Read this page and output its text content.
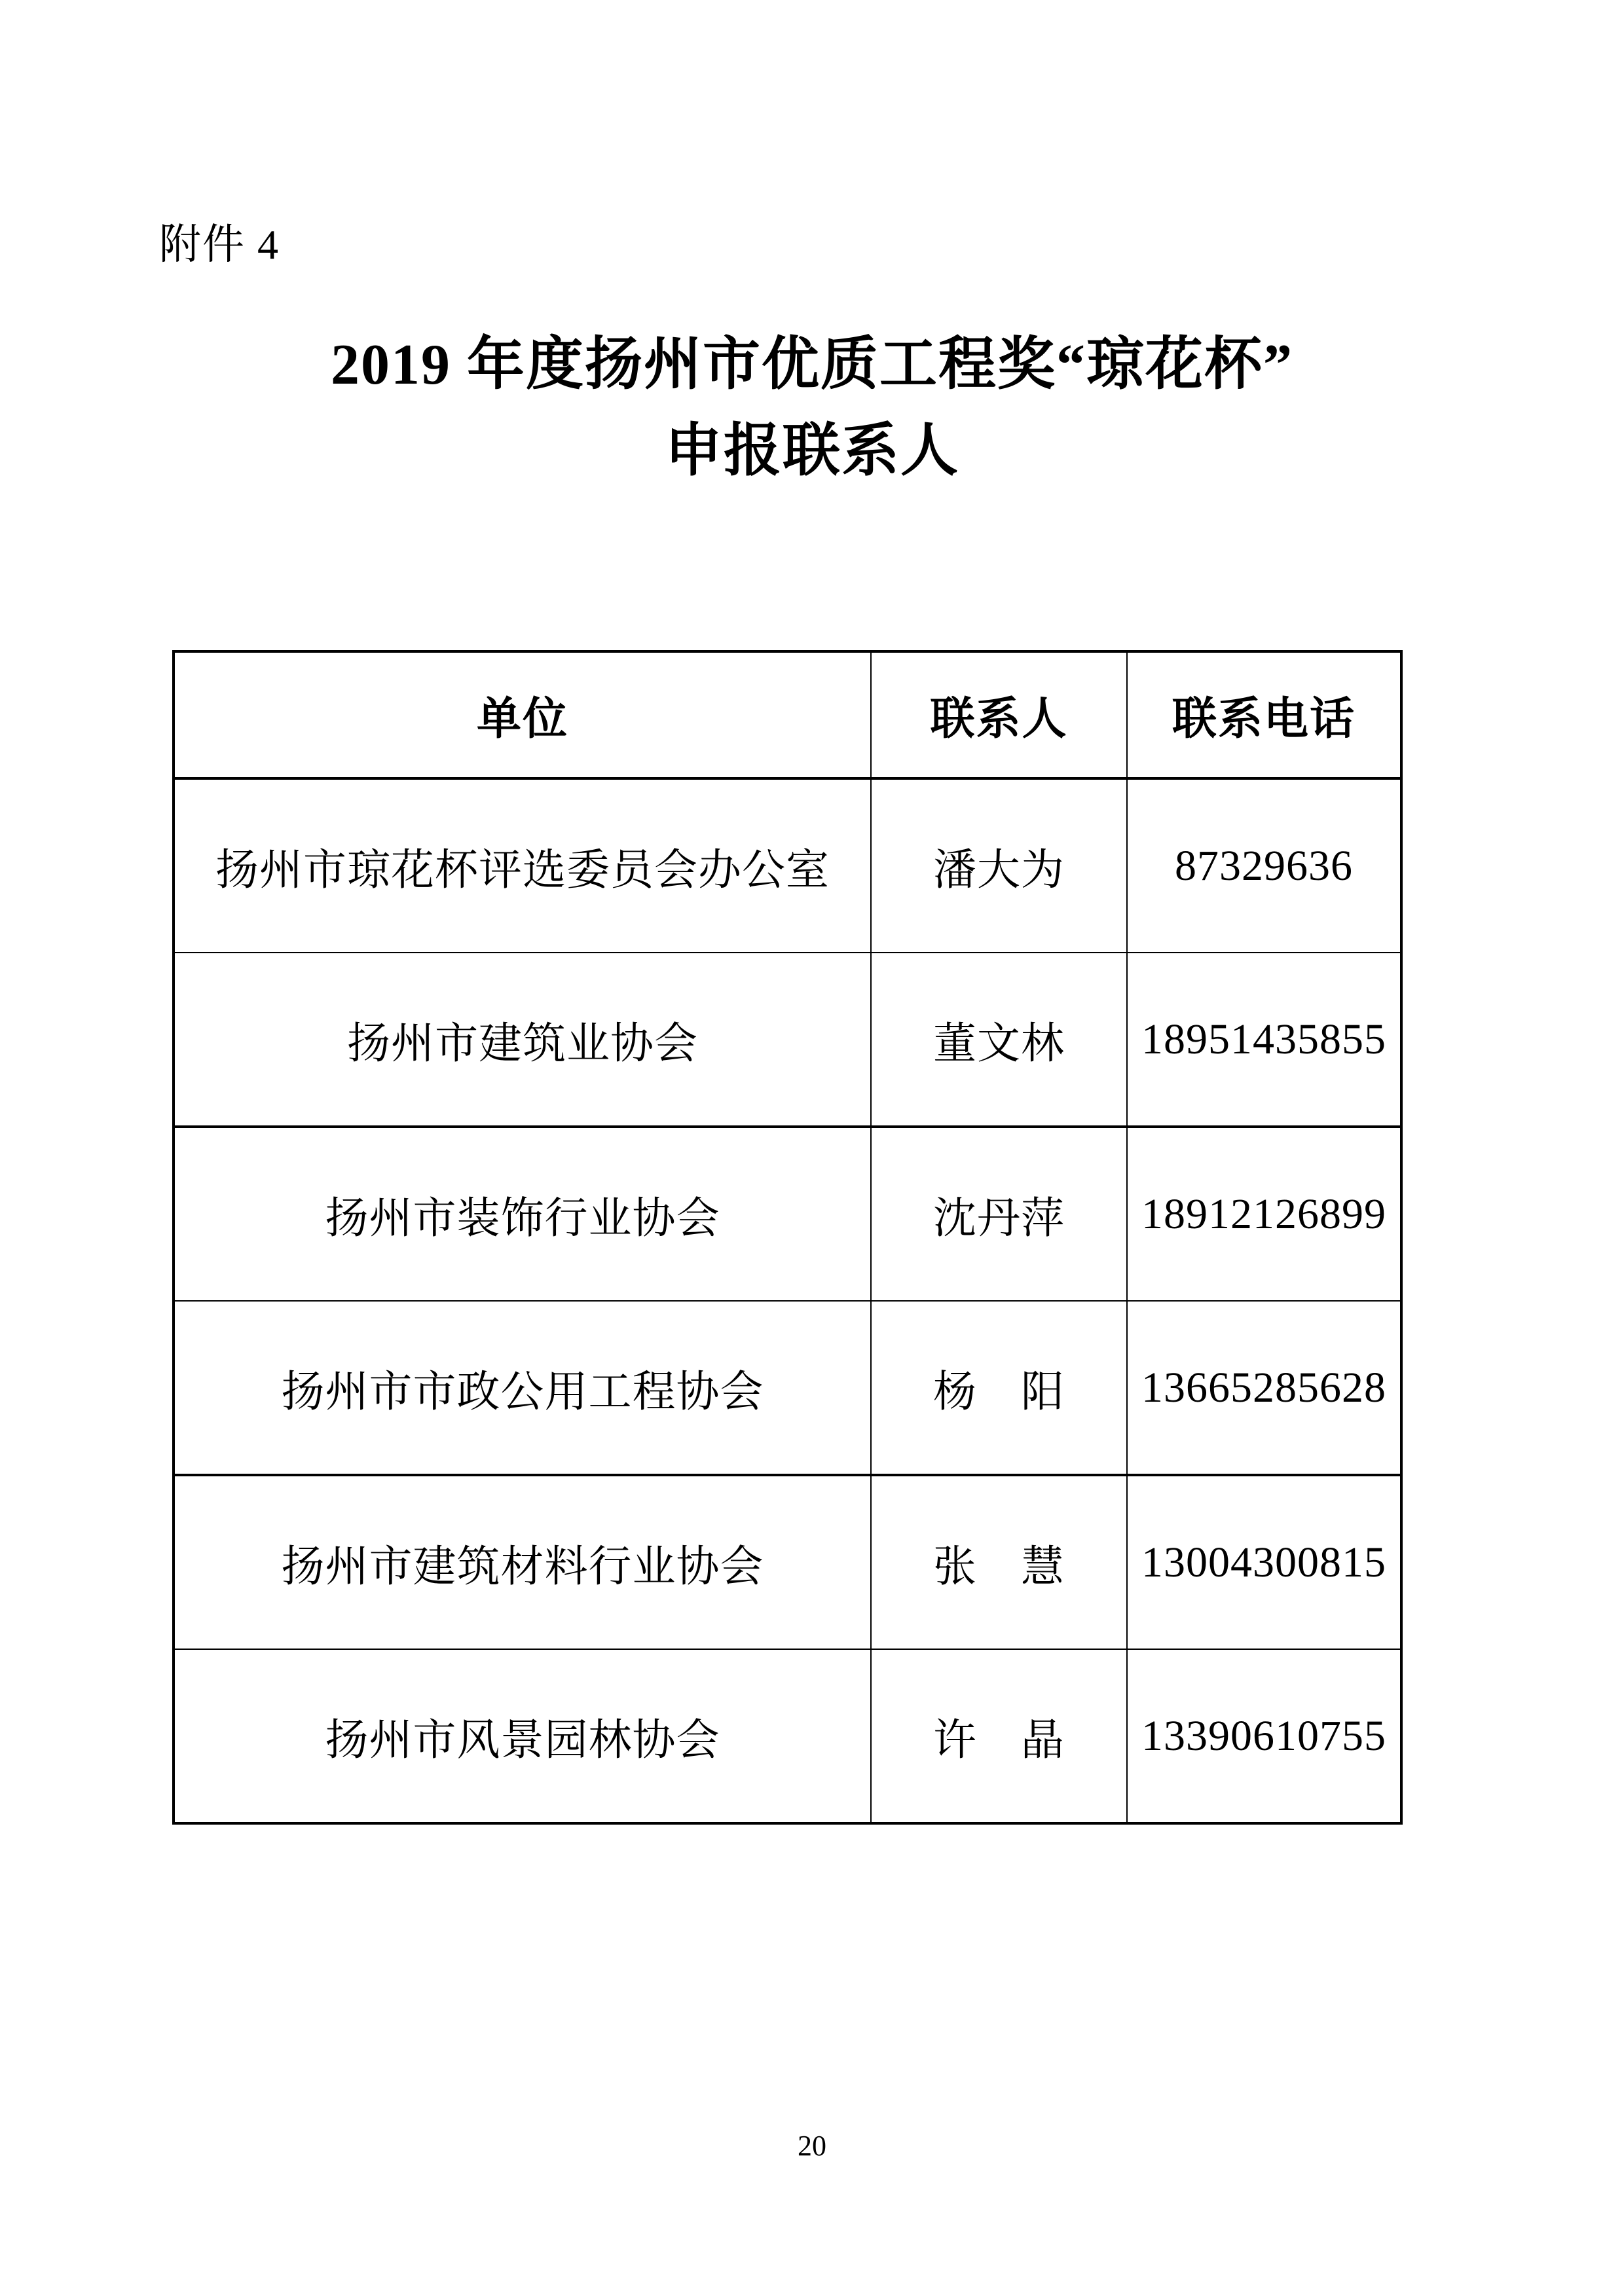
附件 4
2019 年度扬州市优质工程奖“琼花杯”
申报联系人
单位	联系人	联系电话
扬州市琼花杯评选委员会办公室	潘大为	87329636
扬州市建筑业协会	董文林	18951435855
扬州市装饰行业协会	沈丹萍	18912126899
扬州市市政公用工程协会	杨　阳	13665285628
扬州市建筑材料行业协会	张　慧	13004300815
扬州市风景园林协会	许　晶	13390610755
20
